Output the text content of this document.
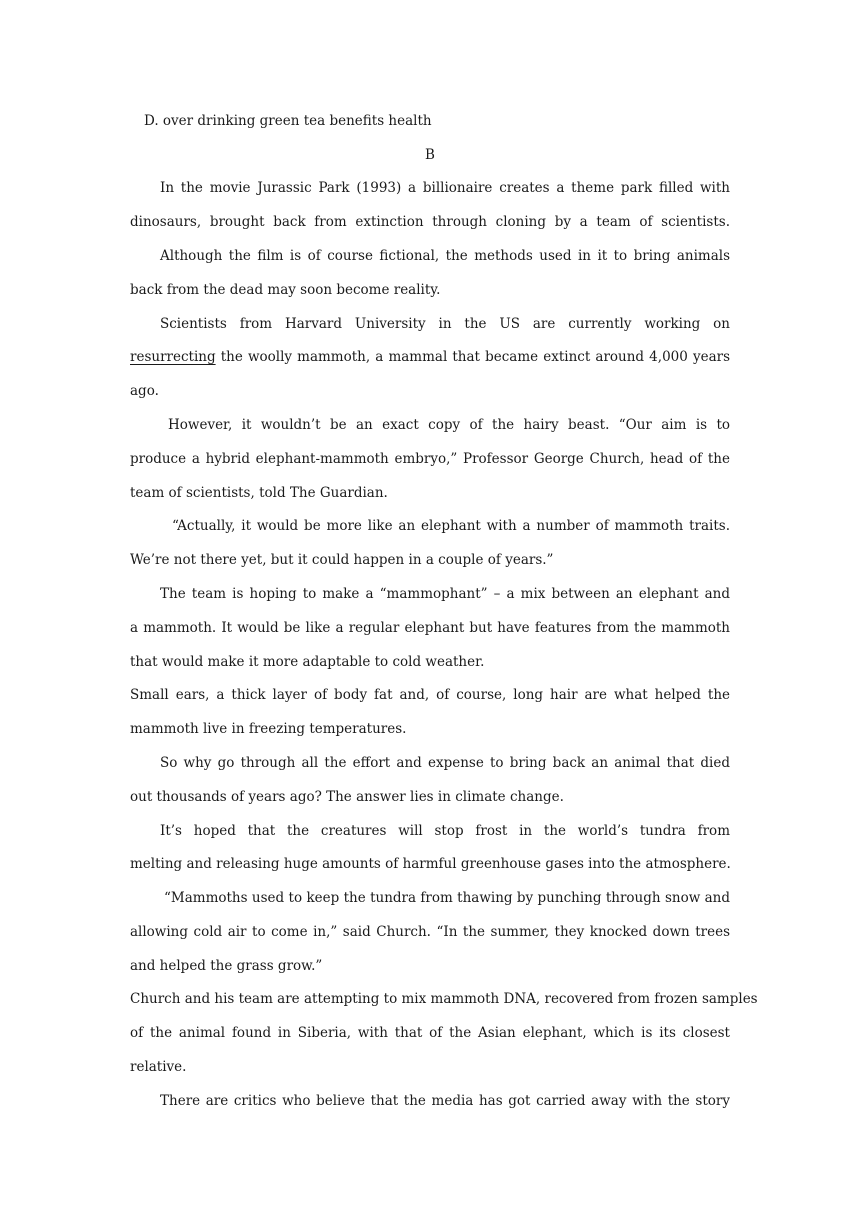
D. over drinking green tea benefits health
B
In the movie Jurassic Park (1993) a billionaire creates a theme park filled with
dinosaurs, brought back from extinction through cloning by a team of scientists.
Although the film is of course fictional, the methods used in it to bring animals
back from the dead may soon become reality.
Scientists from Harvard University in the US are currently working on
resurrecting the woolly mammoth, a mammal that became extinct around 4,000 years
ago.
However, it wouldn’t be an exact copy of the hairy beast. “Our aim is to
produce a hybrid elephant-mammoth embryo,” Professor George Church, head of the
team of scientists, told The Guardian.
“Actually, it would be more like an elephant with a number of mammoth traits.
We’re not there yet, but it could happen in a couple of years.”
The team is hoping to make a “mammophant” – a mix between an elephant and
a mammoth. It would be like a regular elephant but have features from the mammoth
that would make it more adaptable to cold weather.
Small ears, a thick layer of body fat and, of course, long hair are what helped the
mammoth live in freezing temperatures.
So why go through all the effort and expense to bring back an animal that died
out thousands of years ago? The answer lies in climate change.
It’s hoped that the creatures will stop frost in the world’s tundra from
melting and releasing huge amounts of harmful greenhouse gases into the atmosphere.
“Mammoths used to keep the tundra from thawing by punching through snow and
allowing cold air to come in,” said Church. “In the summer, they knocked down trees
and helped the grass grow.”
Church and his team are attempting to mix mammoth DNA, recovered from frozen samples
of the animal found in Siberia, with that of the Asian elephant, which is its closest
relative.
There are critics who believe that the media has got carried away with the story
